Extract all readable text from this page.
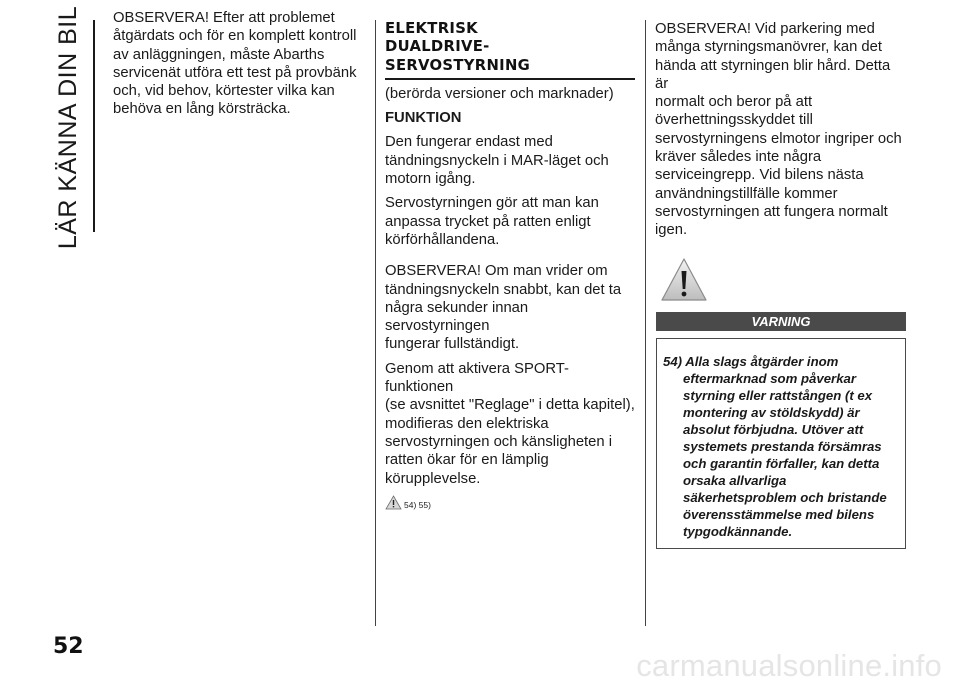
LÄR KÄNNA DIN BIL OBSERVERA! Efter att problemet

åtgärdats och för en komplett kontroll

av anläggningen, måste Abarths

servicenät utföra ett test på provbänk

och, vid behov, körtester vilka kan

behöva en lång körsträcka.

ELEKTRISK

DUALDRIVE-

SERVOSTYRNING

(berörda versioner och marknader)

FUNKTION

Den fungerar endast med

tändningsnyckeln i MAR-läget och

motorn igång.

Servostyrningen gör att man kan

anpassa trycket på ratten enligt

körförhållandena.

OBSERVERA! Om man vrider om

tändningsnyckeln snabbt, kan det ta

några sekunder innan servostyrningen

fungerar fullständigt.

Genom att aktivera SPORT-funktionen

(se avsnittet "Reglage" i detta kapitel),

modifieras den elektriska

servostyrningen och känsligheten i

ratten ökar för en lämplig

körupplevelse.

54) 55)

OBSERVERA! Vid parkering med

många styrningsmanövrer, kan det

hända att styrningen blir hård. Detta är

normalt och beror på att

överhettningsskyddet till

servostyrningens elmotor ingriper och

kräver således inte några

serviceingrepp. Vid bilens nästa

användningstillfälle kommer

servostyrningen att fungera normalt

igen.

VARNING

54) Alla slags åtgärder inom

eftermarknad som påverkar

styrning eller rattstången (t ex

montering av stöldskydd) är

absolut förbjudna. Utöver att

systemets prestanda försämras

och garantin förfaller, kan detta

orsaka allvarliga

säkerhetsproblem och bristande

överensstämmelse med bilens

typgodkännande.

52
carmanualsonline.info
